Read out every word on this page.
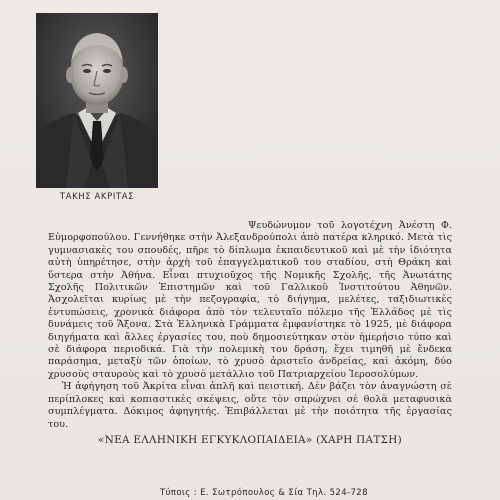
ΤΑΚΗΣ ΑΚΡΙΤΑΣ

Ψευδώνυμον τοῦ λογοτέχνη Ἀνέστη Φ. Εὐμορφοπούλου. Γεννήθηκε στὴν Ἀλεξανδρούπολι ἀπὸ πατέρα κληρικό. Μετὰ τὶς γυμνασιακὲς του σπουδές, πῆρε τὸ δίπλωμα ἐκπαιδευτικοῦ καὶ μὲ τὴν ἰδιότητα αὐτὴ ὑπηρέτησε, στὴν ἀρχὴ τοῦ ἐπαγγελματικοῦ του σταδίου, στὴ Θράκη καὶ ὕστερα στὴν Ἀθήνα. Εἶναι πτυχιοῦχος τῆς Νομικῆς Σχολῆς, τῆς Ἀνωτάτης Σχολῆς Πολιτικῶν Ἐπιστημῶν καὶ τοῦ Γαλλικοῦ Ἰνστιτούτου Ἀθηνῶν. Ἀσχολεῖται κυρίως μὲ τὴν πεζογραφία, τὸ διήγημα, μελέτες, ταξιδιωτικὲς ἐντυπώσεις, χρονικὰ διάφορα ἀπὸ τὸν τελευταῖο πόλεμο τῆς Ἑλλάδος μὲ τὶς δυνάμεις τοῦ Ἄξονα. Στὰ Ἑλληνικὰ Γράμματα ἐμφανίστηκε τὸ 1925, μὲ διάφορα διηγήματα καὶ ἄλλες ἐργασίες του, ποὺ δημοσιεύτηκαν στὸν ἡμερήσιο τύπο καὶ σὲ διάφορα περιοδικά. Γιὰ τὴν πολεμικὴ του δράση, ἔχει τιμηθῆ μὲ ἕνδεκα παράσημα, μεταξὺ τῶν ὁποίων, τὸ χρυσὸ ἀριστεῖο ἀνδρείας, καὶ ἀκόμη, δύο χρυσοὺς σταυροὺς καὶ τὸ χρυσὸ μετάλλιο τοῦ Πατριαρχείου Ἱεροσολύμων.

Ἡ ἀφήγηση τοῦ Ἀκρίτα εἶναι ἁπλῆ καὶ πειστική. Δὲν βάζει τὸν ἀναγνώστη σὲ περίπλοκες καὶ κοπιαστικὲς σκέψεις, οὔτε τὸν σπρώχνει σὲ θολὰ μεταφυσικὰ συμπλέγματα. Δόκιμος ἀφηγητής. Ἐπιβάλλεται μὲ τὴν ποιότητα τῆς ἐργασίας του.

«ΝΕΑ ΕΛΛΗΝΙΚΗ ΕΓΚΥΚΛΟΠΑΙΔΕΙΑ» (ΧΑΡΗ ΠΑΤΣΗ)
Τύποις : Ε. Σωτρόπουλος & Σία Τηλ. 524-728
